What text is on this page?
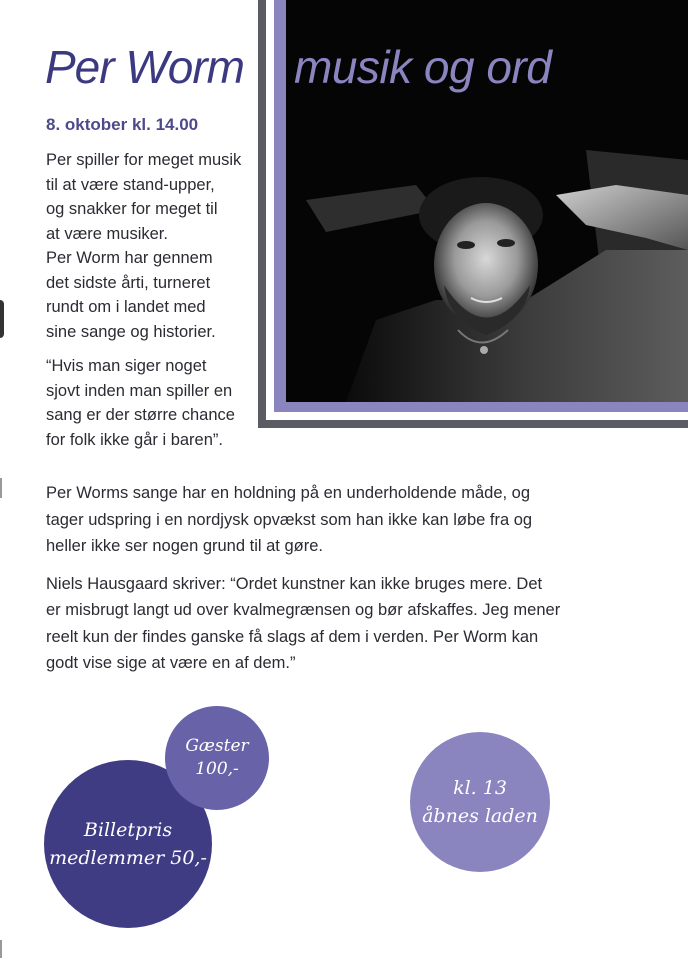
Per Worm musik og ord
8. oktober kl. 14.00

Per spiller for meget musik
til at være stand-upper,
og snakker for meget til
at være musiker.
Per Worm har gennem
det sidste årti, turneret
rundt om i landet med
sine sange og historier.

“Hvis man siger noget
sjovt inden man spiller en
sang er der større chance
for folk ikke går i baren”.

Per Worms sange har en holdning på en underholdende måde, og
tager udspring i en nordjysk opvækst som han ikke kan løbe fra og
heller ikke ser nogen grund til at gøre.

Niels Hausgaard skriver: “Ordet kunstner kan ikke bruges mere. Det
er misbrugt langt ud over kvalmegrænsen og bør afskaffes. Jeg mener
reelt kun der findes ganske få slags af dem i verden. Per Worm kan
godt vise sige at være en af dem.”

Billetpris
medlemmer 50,-
Gæster
100,-
kl. 13
åbnes laden
